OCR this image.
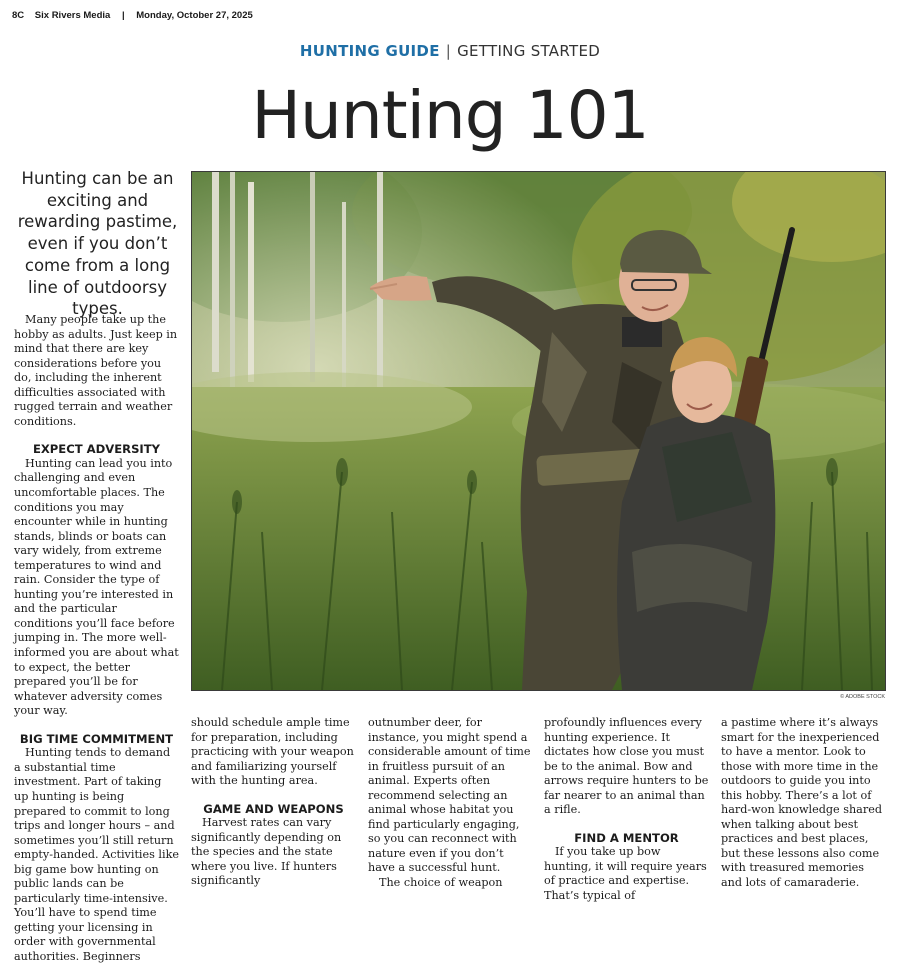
8C Six Rivers Media | Monday, October 27, 2025
HUNTING GUIDE | GETTING STARTED
Hunting 101
Hunting can be an exciting and rewarding pastime, even if you don’t come from a long line of outdoorsy types.

Many people take up the hobby as adults. Just keep in mind that there are key considerations before you do, including the inherent difficulties associated with rugged terrain and weather conditions.

EXPECT ADVERSITY

Hunting can lead you into challenging and even uncomfortable places. The conditions you may encounter while in hunting stands, blinds or boats can vary widely, from extreme temperatures to wind and rain. Consider the type of hunting you’re interested in and the particular conditions you’ll face before jumping in. The more well-informed you are about what to expect, the better prepared you’ll be for whatever adversity comes your way.

BIG TIME COMMITMENT

Hunting tends to demand a substantial time investment. Part of taking up hunting is being prepared to commit to long trips and longer hours – and sometimes you’ll still return empty-handed. Activities like big game bow hunting on public lands can be particularly time-intensive. You’ll have to spend time getting your licensing in order with governmental authorities. Beginners

© ADOBE STOCK

should schedule ample time for preparation, including practicing with your weapon and familiarizing yourself with the hunting area.

GAME AND WEAPONS

Harvest rates can vary significantly depending on the species and the state where you live. If hunters significantly

outnumber deer, for instance, you might spend a considerable amount of time in fruitless pursuit of an animal. Experts often recommend selecting an animal whose habitat you find particularly engaging, so you can reconnect with nature even if you don’t have a successful hunt.

The choice of weapon

profoundly influences every hunting experience. It dictates how close you must be to the animal. Bow and arrows require hunters to be far nearer to an animal than a rifle.

FIND A MENTOR

If you take up bow hunting, it will require years of practice and expertise. That’s typical of

a pastime where it’s always smart for the inexperienced to have a mentor. Look to those with more time in the outdoors to guide you into this hobby. There’s a lot of hard-won knowledge shared when talking about best practices and best places, but these lessons also come with treasured memories and lots of camaraderie.
